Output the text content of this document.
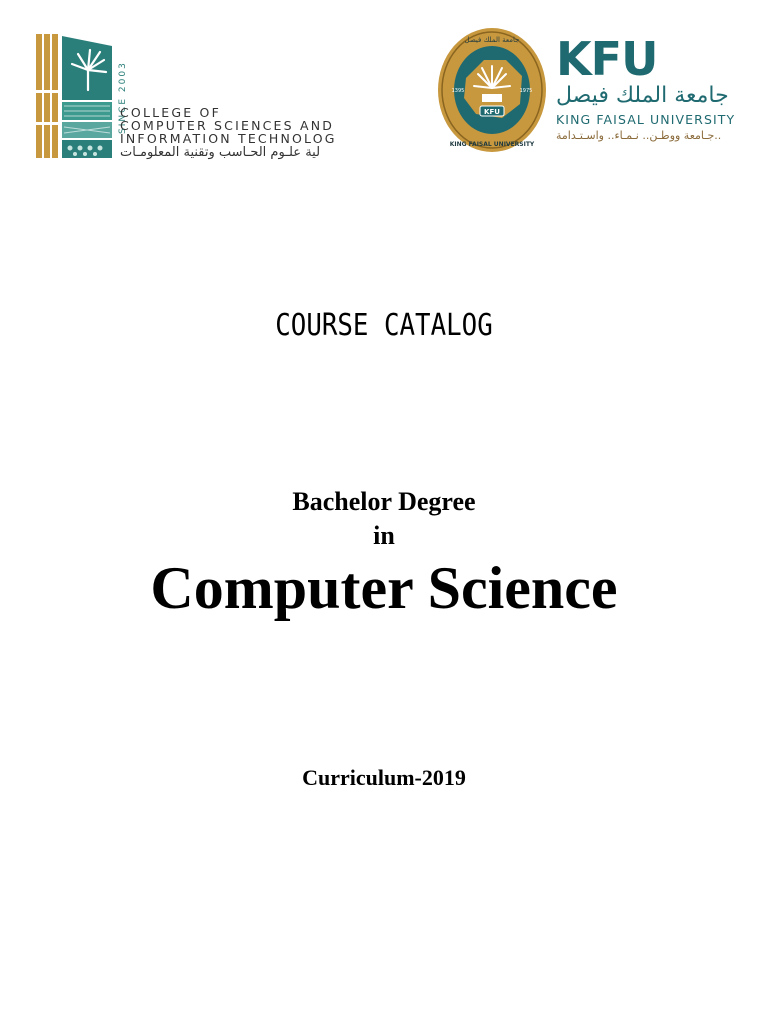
SINCE 2003
COLLEGE OF
COMPUTER SCIENCES AND
INFORMATION TECHNOLOG
لية علـوم الحـاسب وتقنية المعلومـات
KFU
1395	1975
جامعة الملك فيصل
KING FAISAL UNIVERSITY
KFU
جامعة الملك فيصل
KING FAISAL UNIVERSITY
جـامعة ووطـن.. نـمـاء.. واسـتـدامة..
COURSE CATALOG
Bachelor Degree
in
Computer Science
Curriculum-2019
